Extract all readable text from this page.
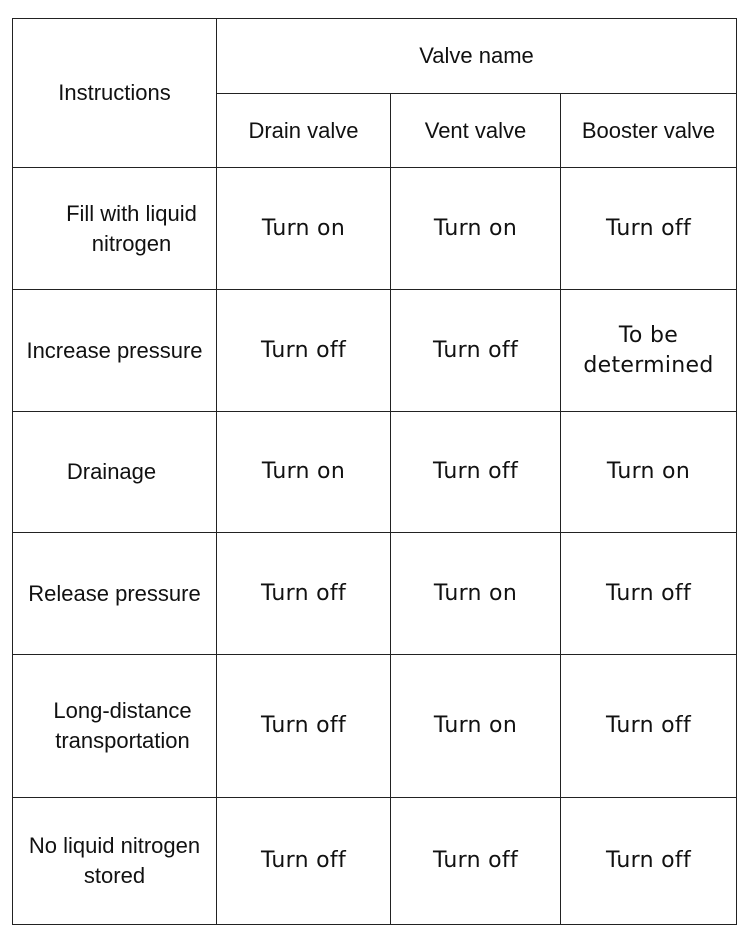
Instructions	Valve name		
	Drain valve	Vent valve	Booster valve

Fill with liquid
nitrogen	Turn on	Turn on	Turn off
Increase pressure	Turn off	Turn off	To be
determined

Drainage	Turn on	Turn off	Turn on
Release pressure	Turn off	Turn on	Turn off

Long-distance
transportation	Turn off	Turn on	Turn off

No liquid nitrogen
stored	Turn off	Turn off	Turn off
